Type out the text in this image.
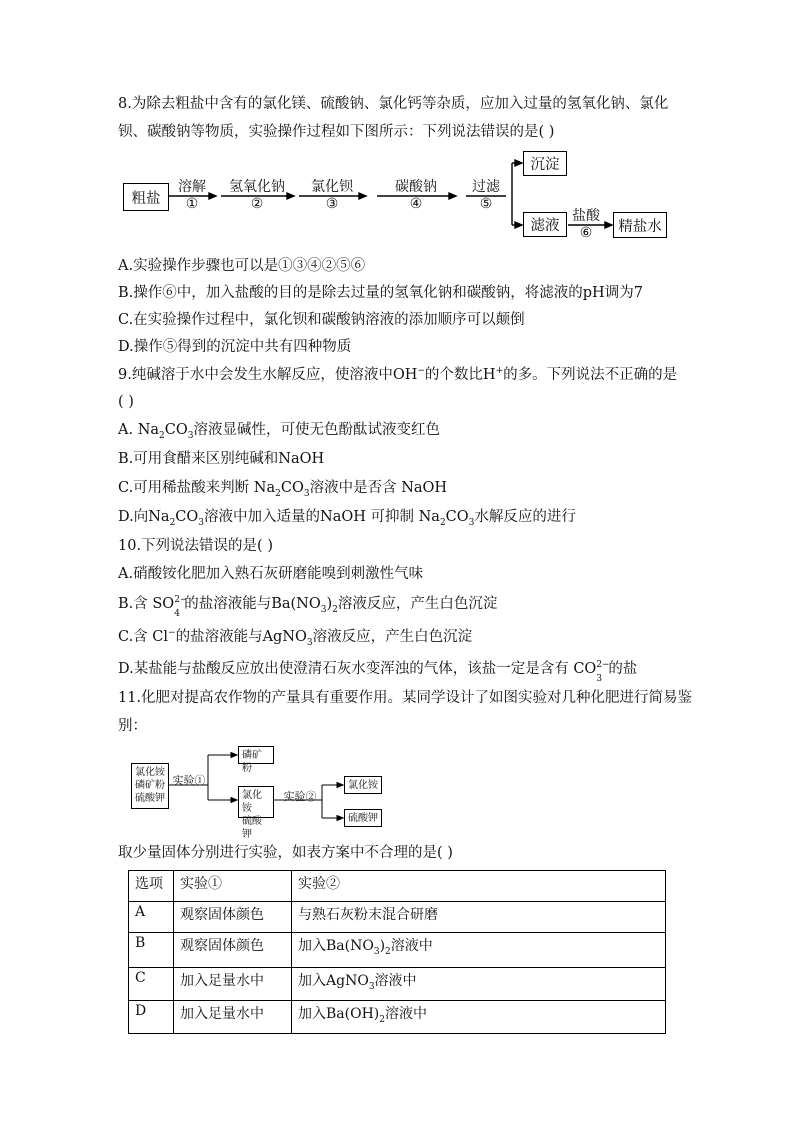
8.为除去粗盐中含有的氯化镁、硫酸钠、氯化钙等杂质，应加入过量的氢氧化钠、氯化
钡、碳酸钠等物质，实验操作过程如下图所示：下列说法错误的是( )
粗盐
溶解
①
氢氧化钠
②
氯化钡
③
碳酸钠
④
过滤
⑤
沉淀
滤液
盐酸
⑥	精盐水
A.实验操作步骤也可以是①③④②⑤⑥
B.操作⑥中，加入盐酸的目的是除去过量的氢氧化钠和碳酸钠，将滤液的pH调为7
C.在实验操作过程中，氯化钡和碳酸钠溶液的添加顺序可以颠倒
D.操作⑤得到的沉淀中共有四种物质
9.纯碱溶于水中会发生水解反应，使溶液中OH−的个数比H+的多。下列说法不正确的是
( )
A. $Na_2CO_3$溶液显碱性，可使无色酚酞试液变红色
B.可用食醋来区别纯碱和NaOH
C.可用稀盐酸来判断 $Na_2CO_3$溶液中是否含 NaOH
D.向$Na_2CO_3$溶液中加入适量的NaOH 可抑制 $Na_2CO_3$水解反应的进行
10.下列说法错误的是( )
A.硝酸铵化肥加入熟石灰研磨能嗅到刺激性气味
B.含 SO 2−
4
的盐溶液能与$Ba(NO_3)_2$溶液反应，产生白色沉淀
C.含 Cl−的盐溶液能与AgNO$_3$溶液反应，产生白色沉淀
D.某盐能与盐酸反应放出使澄清石灰水变浑浊的气体，该盐一定是含有 CO 2−
3
的盐
11.化肥对提高农作物的产量具有重要作用。某同学设计了如图实验对几种化肥进行简易鉴
别：
氯化铵
磷矿粉
硫酸钾
实验①
磷矿粉
氯化铵
硫酸钾
实验②
氯化铵
硫酸钾
取少量固体分别进行实验，如表方案中不合理的是( )
选项	实验①	实验②
A	观察固体颜色	与熟石灰粉末混合研磨
B	观察固体颜色	加入$Ba(NO_3)_2$溶液中
C	加入足量水中	加入AgNO$_3$溶液中
D	加入足量水中	加入$Ba(OH)_2$溶液中
